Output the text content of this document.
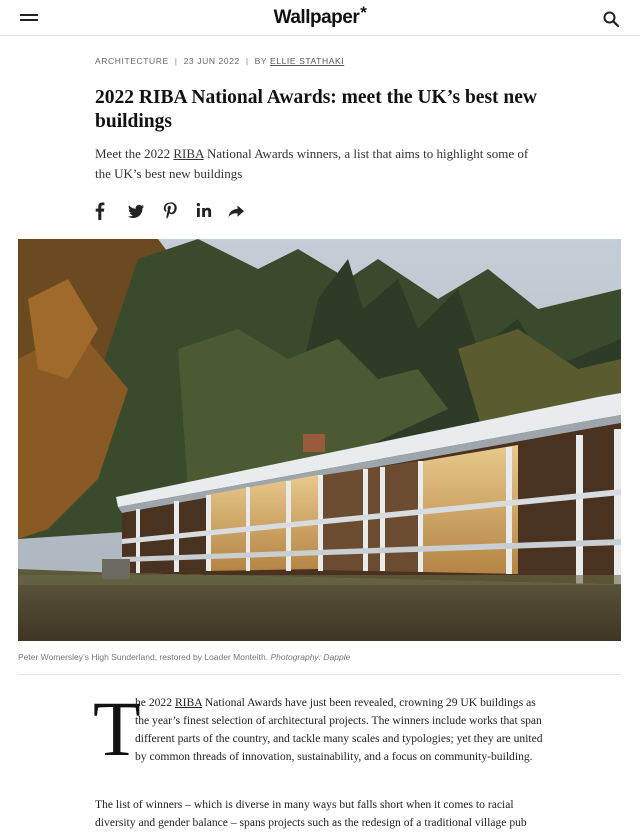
Wallpaper*
ARCHITECTURE | 23 JUN 2022 | BY ELLIE STATHAKI
2022 RIBA National Awards: meet the UK’s best new buildings

Meet the 2022 RIBA National Awards winners, a list that aims to highlight some of the UK’s best new buildings

Peter Womersley’s High Sunderland, restored by Loader Monteith. Photography: Dapple

T

he 2022 RIBA National Awards have just been revealed, crowning 29 UK buildings as the year’s finest selection of architectural projects. The winners include works that span different parts of the country, and tackle many scales and typologies; yet they are united by common threads of innovation, sustainability, and a focus on community-building.

The list of winners – which is diverse in many ways but falls short when it comes to racial diversity and gender balance – spans projects such as the redesign of a traditional village pub
